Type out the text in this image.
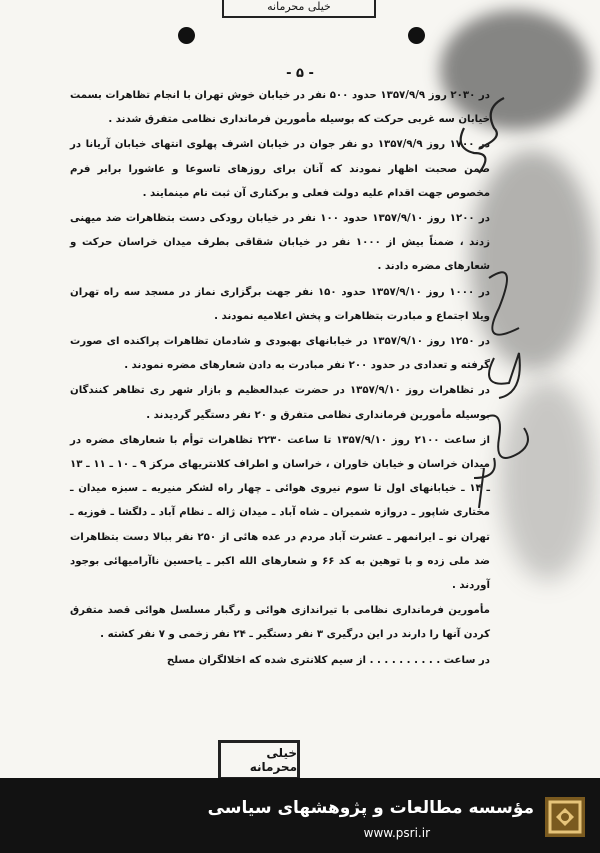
خیلی محرمانه
- ۵ -

در ۲۰۳۰ روز ۱۳۵۷/۹/۹ حدود ۵۰۰ نفر در خیابان خوش تهران با انجام تظاهرات بسمت خیابان سه غربی حرکت که بوسیله مأمورین فرمانداری نظامی متفرق شدند .

در ۱۷۰۰ روز ۱۳۵۷/۹/۹ دو نفر جوان در خیابان اشرف پهلوی انتهای خیابان آریانا در ضمن صحبت اظهار نمودند که آنان برای روزهای تاسوعا و عاشورا برابر فرم مخصوص جهت اقدام علیه دولت فعلی و برکناری آن ثبت نام مینمایند .

در ۱۲۰۰ روز ۱۳۵۷/۹/۱۰ حدود ۱۰۰ نفر در خیابان رودکی دست بتظاهرات ضد میهنی زدند ، ضمناً بیش از ۱۰۰۰ نفر در خیابان شقاقی بطرف میدان خراسان حرکت و شعارهای مضره دادند .

در ۱۰۰۰ روز ۱۳۵۷/۹/۱۰ حدود ۱۵۰ نفر جهت برگزاری نماز در مسجد سه راه تهران ویلا اجتماع و مبادرت بتظاهرات و پخش اعلامیه نمودند .

در ۱۲۵۰ روز ۱۳۵۷/۹/۱۰ در خیابانهای بهبودی و شادمان تظاهرات پراکنده ای صورت گرفته و تعدادی در حدود ۲۰۰ نفر مبادرت به دادن شعارهای مضره نمودند .

در تظاهرات روز ۱۳۵۷/۹/۱۰ در حضرت عبدالعظیم و بازار شهر ری تظاهر کنندگان بوسیله مأمورین فرمانداری نظامی متفرق و ۲۰ نفر دستگیر گردیدند .

از ساعت ۲۱۰۰ روز ۱۳۵۷/۹/۱۰ تا ساعت ۲۲۳۰ تظاهرات توأم با شعارهای مضره در میدان خراسان و خیابان خاوران ، خراسان و اطراف کلانتریهای مرکز ۹ ـ ۱۰ ـ ۱۱ ـ ۱۳ ـ ۱۴ ـ خیابانهای اول تا سوم نیروی هوائی ـ چهار راه لشکر منیریه ـ سبزه میدان ـ مختاری شاپور ـ دروازه شمیران ـ شاه آباد ـ میدان ژاله ـ نظام آباد ـ دلگشا ـ فوزیه ـ تهران نو ـ ایرانمهر ـ عشرت آباد مردم در عده هائی از ۲۵۰ نفر ببالا دست بتظاهرات ضد ملی زده و با توهین به کد ۶۶ و شعارهای الله اکبر ـ یاحسین ناآرامیهائی بوجود آوردند .

مأمورین فرمانداری نظامی با تیراندازی هوائی و رگبار مسلسل هوائی قصد متفرق کردن آنها را دارند در این درگیری ۳ نفر دستگیر ـ ۲۴ نفر زخمی و ۷ نفر کشته .

در ساعت . . . . . . . . . . از سیم کلانتری شده که اخلالگران مسلح

خیلی محرمانه
مؤسسه مطالعات و پژوهشهای سیاسی
www.psri.ir
